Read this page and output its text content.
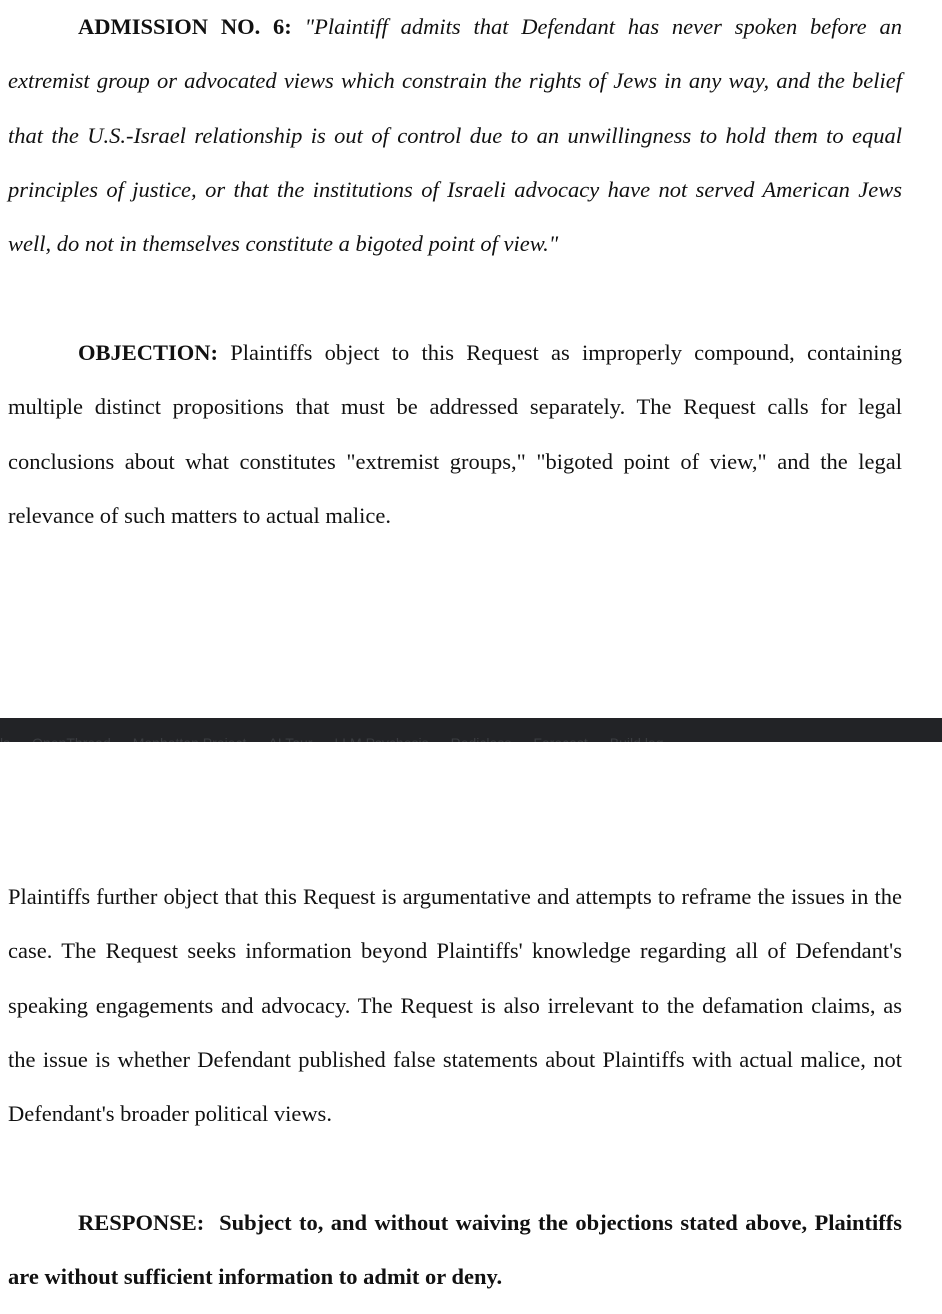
ADMISSION NO. 6: "Plaintiff admits that Defendant has never spoken before an extremist group or advocated views which constrain the rights of Jews in any way, and the belief that the U.S.-Israel relationship is out of control due to an unwillingness to hold them to equal principles of justice, or that the institutions of Israeli advocacy have not served American Jews well, do not in themselves constitute a bigoted point of view."

OBJECTION: Plaintiffs object to this Request as improperly compound, containing multiple distinct propositions that must be addressed separately. The Request calls for legal conclusions about what constitutes "extremist groups," "bigoted point of view," and the legal relevance of such matters to actual malice.

Plaintiffs further object that this Request is argumentative and attempts to reframe the issues in the case. The Request seeks information beyond Plaintiffs' knowledge regarding all of Defendant's speaking engagements and advocacy. The Request is also irrelevant to the defamation claims, as the issue is whether Defendant published false statements about Plaintiffs with actual malice, not Defendant's broader political views.

RESPONSE: Subject to, and without waiving the objections stated above, Plaintiffs are without sufficient information to admit or deny.
